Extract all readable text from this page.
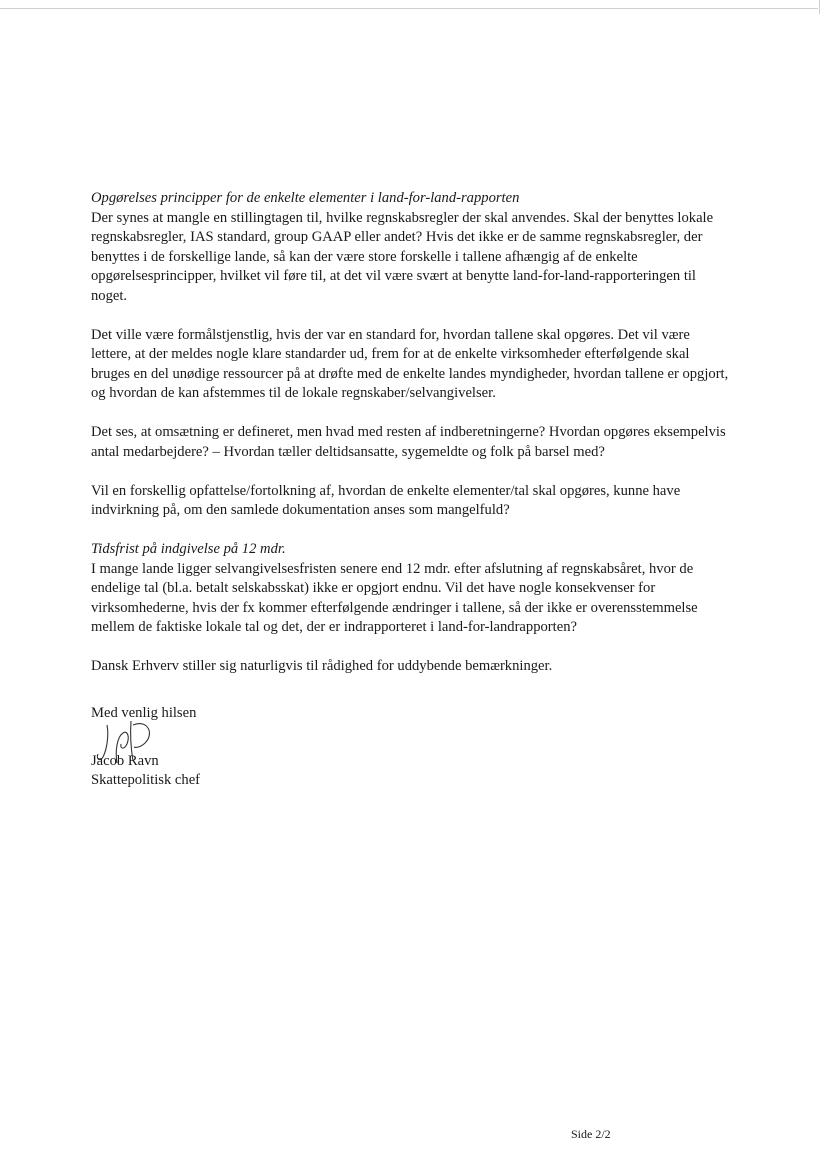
Opgørelses principper for de enkelte elementer i land-for-land-rapporten

Der synes at mangle en stillingtagen til, hvilke regnskabsregler der skal anvendes. Skal der benyttes lokale regnskabsregler, IAS standard, group GAAP eller andet? Hvis det ikke er de samme regnskabsregler, der benyttes i de forskellige lande, så kan der være store forskelle i tallene afhængig af de enkelte opgørelsesprincipper, hvilket vil føre til, at det vil være svært at benytte land-for-land-rapporteringen til noget.

Det ville være formålstjenstlig, hvis der var en standard for, hvordan tallene skal opgøres. Det vil være lettere, at der meldes nogle klare standarder ud, frem for at de enkelte virksomheder efterfølgende skal bruges en del unødige ressourcer på at drøfte med de enkelte landes myndigheder, hvordan tallene er opgjort, og hvordan de kan afstemmes til de lokale regnskaber/selvangivelser.

Det ses, at omsætning er defineret, men hvad med resten af indberetningerne? Hvordan opgøres eksempelvis antal medarbejdere? – Hvordan tæller deltidsansatte, sygemeldte og folk på barsel med?

Vil en forskellig opfattelse/fortolkning af, hvordan de enkelte elementer/tal skal opgøres, kunne have indvirkning på, om den samlede dokumentation anses som mangelfuld?

Tidsfrist på indgivelse på 12 mdr.

I mange lande ligger selvangivelsesfristen senere end 12 mdr. efter afslutning af regnskabsåret, hvor de endelige tal (bl.a. betalt selskabsskat) ikke er opgjort endnu. Vil det have nogle konsekvenser for virksomhederne, hvis der fx kommer efterfølgende ændringer i tallene, så der ikke er overensstemmelse mellem de faktiske lokale tal og det, der er indrapporteret i land-for-landrapporten?

Dansk Erhverv stiller sig naturligvis til rådighed for uddybende bemærkninger.

Med venlig hilsen

Jacob Ravn

Skattepolitisk chef

Side 2/2
